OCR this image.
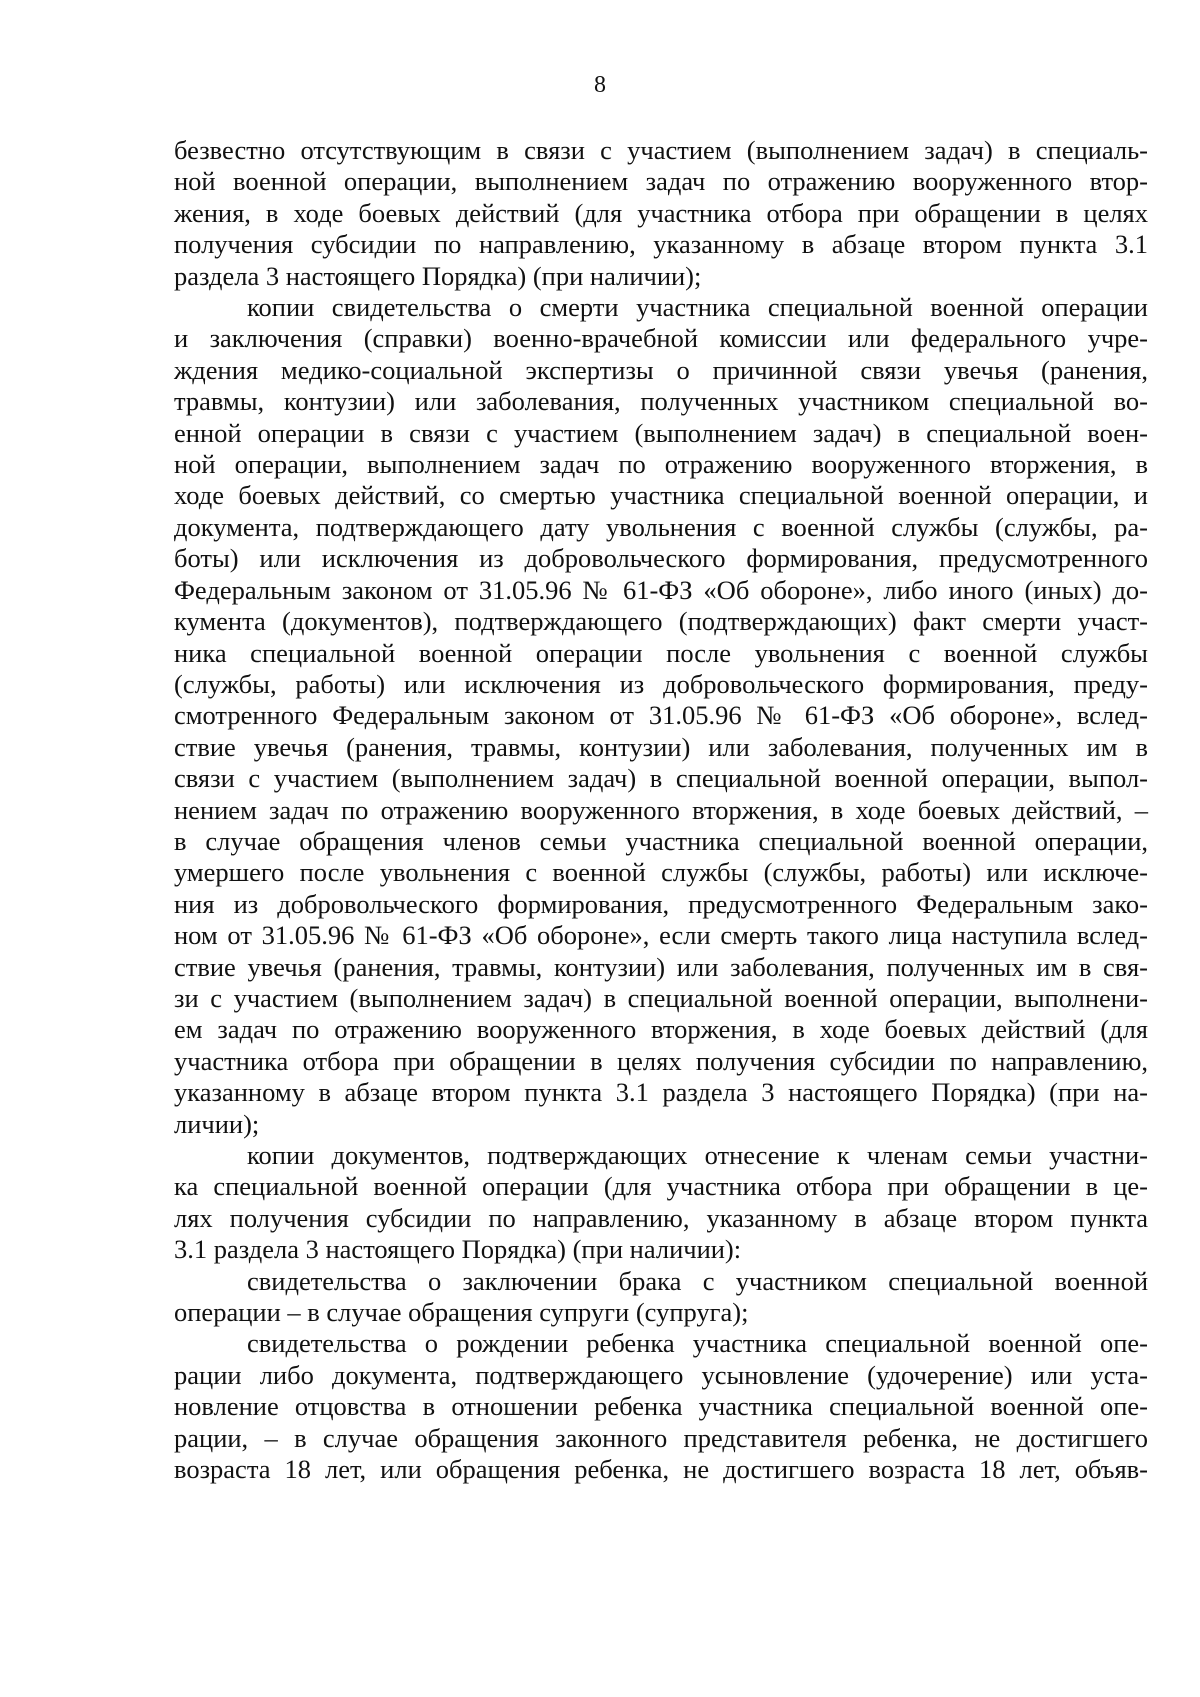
8
безвестно отсутствующим в связи с участием (выполнением задач) в специаль-
ной военной операции, выполнением задач по отражению вооруженного втор-
жения, в ходе боевых действий (для участника отбора при обращении в целях
получения субсидии по направлению, указанному в абзаце втором пункта 3.1
раздела 3 настоящего Порядка) (при наличии);
копии свидетельства о смерти участника специальной военной операции
и заключения (справки) военно-врачебной комиссии или федерального учре-
ждения медико-социальной экспертизы о причинной связи увечья (ранения,
травмы, контузии) или заболевания, полученных участником специальной во-
енной операции в связи с участием (выполнением задач) в специальной воен-
ной операции, выполнением задач по отражению вооруженного вторжения, в
ходе боевых действий, со смертью участника специальной военной операции, и
документа, подтверждающего дату увольнения с военной службы (службы, ра-
боты) или исключения из добровольческого формирования, предусмотренного
Федеральным законом от 31.05.96 № 61-ФЗ «Об обороне», либо иного (иных) до-
кумента (документов), подтверждающего (подтверждающих) факт смерти участ-
ника специальной военной операции после увольнения с военной службы
(службы, работы) или исключения из добровольческого формирования, преду-
смотренного Федеральным законом от 31.05.96 № 61-ФЗ «Об обороне», вслед-
ствие увечья (ранения, травмы, контузии) или заболевания, полученных им в
связи с участием (выполнением задач) в специальной военной операции, выпол-
нением задач по отражению вооруженного вторжения, в ходе боевых действий, –
в случае обращения членов семьи участника специальной военной операции,
умершего после увольнения с военной службы (службы, работы) или исключе-
ния из добровольческого формирования, предусмотренного Федеральным зако-
ном от 31.05.96 № 61-ФЗ «Об обороне», если смерть такого лица наступила вслед-
ствие увечья (ранения, травмы, контузии) или заболевания, полученных им в свя-
зи с участием (выполнением задач) в специальной военной операции, выполнени-
ем задач по отражению вооруженного вторжения, в ходе боевых действий (для
участника отбора при обращении в целях получения субсидии по направлению,
указанному в абзаце втором пункта 3.1 раздела 3 настоящего Порядка) (при на-
личии);
копии документов, подтверждающих отнесение к членам семьи участни-
ка специальной военной операции (для участника отбора при обращении в це-
лях получения субсидии по направлению, указанному в абзаце втором пункта
3.1 раздела 3 настоящего Порядка) (при наличии):
свидетельства о заключении брака с участником специальной военной
операции – в случае обращения супруги (супруга);
свидетельства о рождении ребенка участника специальной военной опе-
рации либо документа, подтверждающего усыновление (удочерение) или уста-
новление отцовства в отношении ребенка участника специальной военной опе-
рации, – в случае обращения законного представителя ребенка, не достигшего
возраста 18 лет, или обращения ребенка, не достигшего возраста 18 лет, объяв-
